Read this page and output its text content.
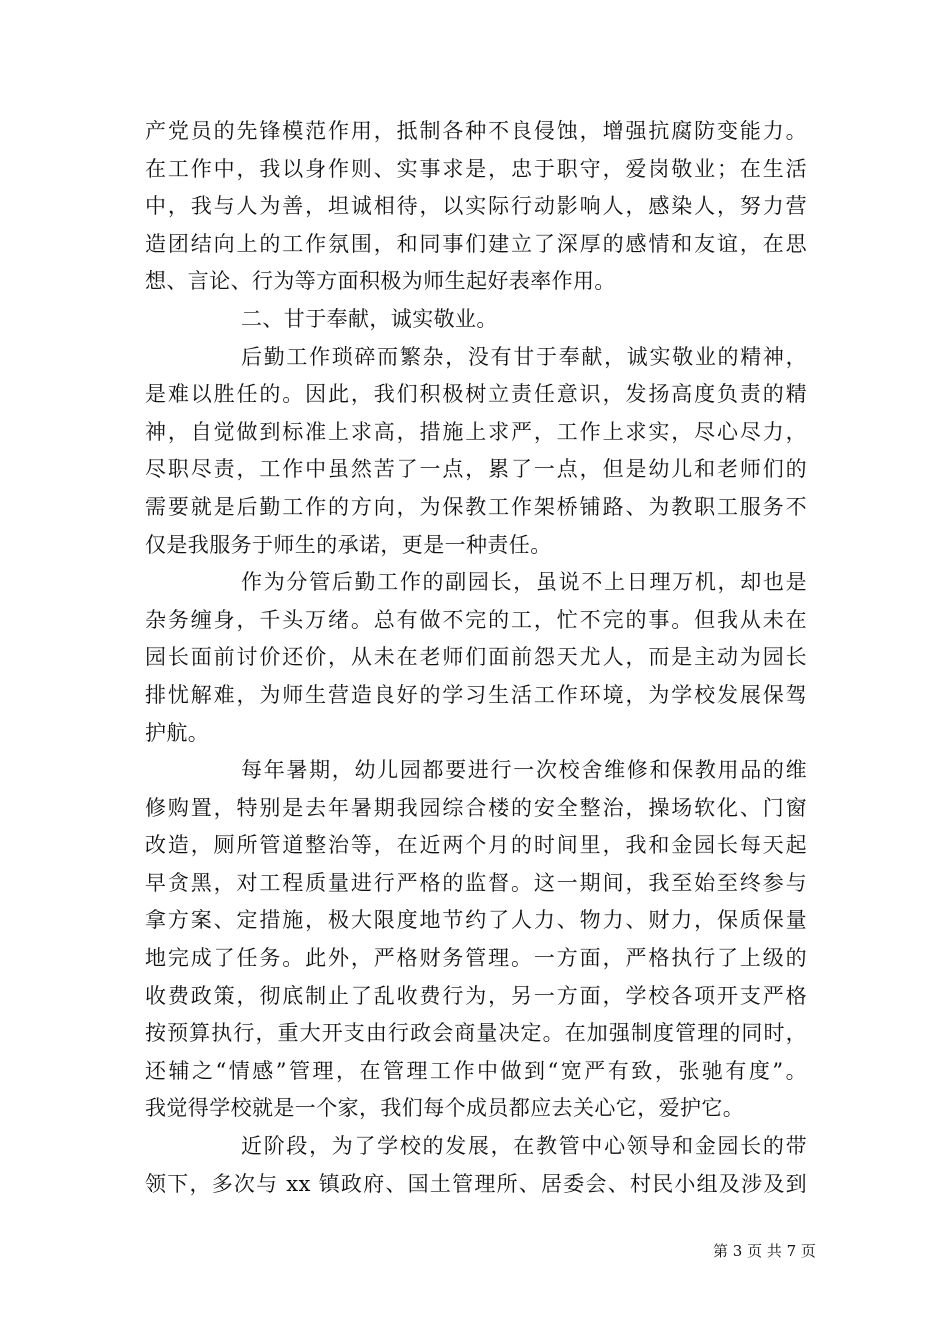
产党员的先锋模范作用，抵制各种不良侵蚀，增强抗腐防变能力。
在工作中，我以身作则、实事求是，忠于职守，爱岗敬业；在生活
中，我与人为善，坦诚相待，以实际行动影响人，感染人，努力营
造团结向上的工作氛围，和同事们建立了深厚的感情和友谊，在思
想、言论、行为等方面积极为师生起好表率作用。
二、甘于奉献，诚实敬业。
后勤工作琐碎而繁杂，没有甘于奉献，诚实敬业的精神，
是难以胜任的。因此，我们积极树立责任意识，发扬高度负责的精
神，自觉做到标准上求高，措施上求严，工作上求实，尽心尽力，
尽职尽责，工作中虽然苦了一点，累了一点，但是幼儿和老师们的
需要就是后勤工作的方向，为保教工作架桥铺路、为教职工服务不
仅是我服务于师生的承诺，更是一种责任。
作为分管后勤工作的副园长，虽说不上日理万机，却也是
杂务缠身，千头万绪。总有做不完的工，忙不完的事。但我从未在
园长面前讨价还价，从未在老师们面前怨天尤人，而是主动为园长
排忧解难，为师生营造良好的学习生活工作环境，为学校发展保驾
护航。
每年暑期，幼儿园都要进行一次校舍维修和保教用品的维
修购置，特别是去年暑期我园综合楼的安全整治，操场软化、门窗
改造，厕所管道整治等，在近两个月的时间里，我和金园长每天起
早贪黑，对工程质量进行严格的监督。这一期间，我至始至终参与
拿方案、定措施，极大限度地节约了人力、物力、财力，保质保量
地完成了任务。此外，严格财务管理。一方面，严格执行了上级的
收费政策，彻底制止了乱收费行为，另一方面，学校各项开支严格
按预算执行，重大开支由行政会商量决定。在加强制度管理的同时，
还辅之“情感”管理，在管理工作中做到“宽严有致，张驰有度”。
我觉得学校就是一个家，我们每个成员都应去关心它，爱护它。
近阶段，为了学校的发展，在教管中心领导和金园长的带
领下，多次与 xx 镇政府、国土管理所、居委会、村民小组及涉及到
第 3 页 共 7 页
